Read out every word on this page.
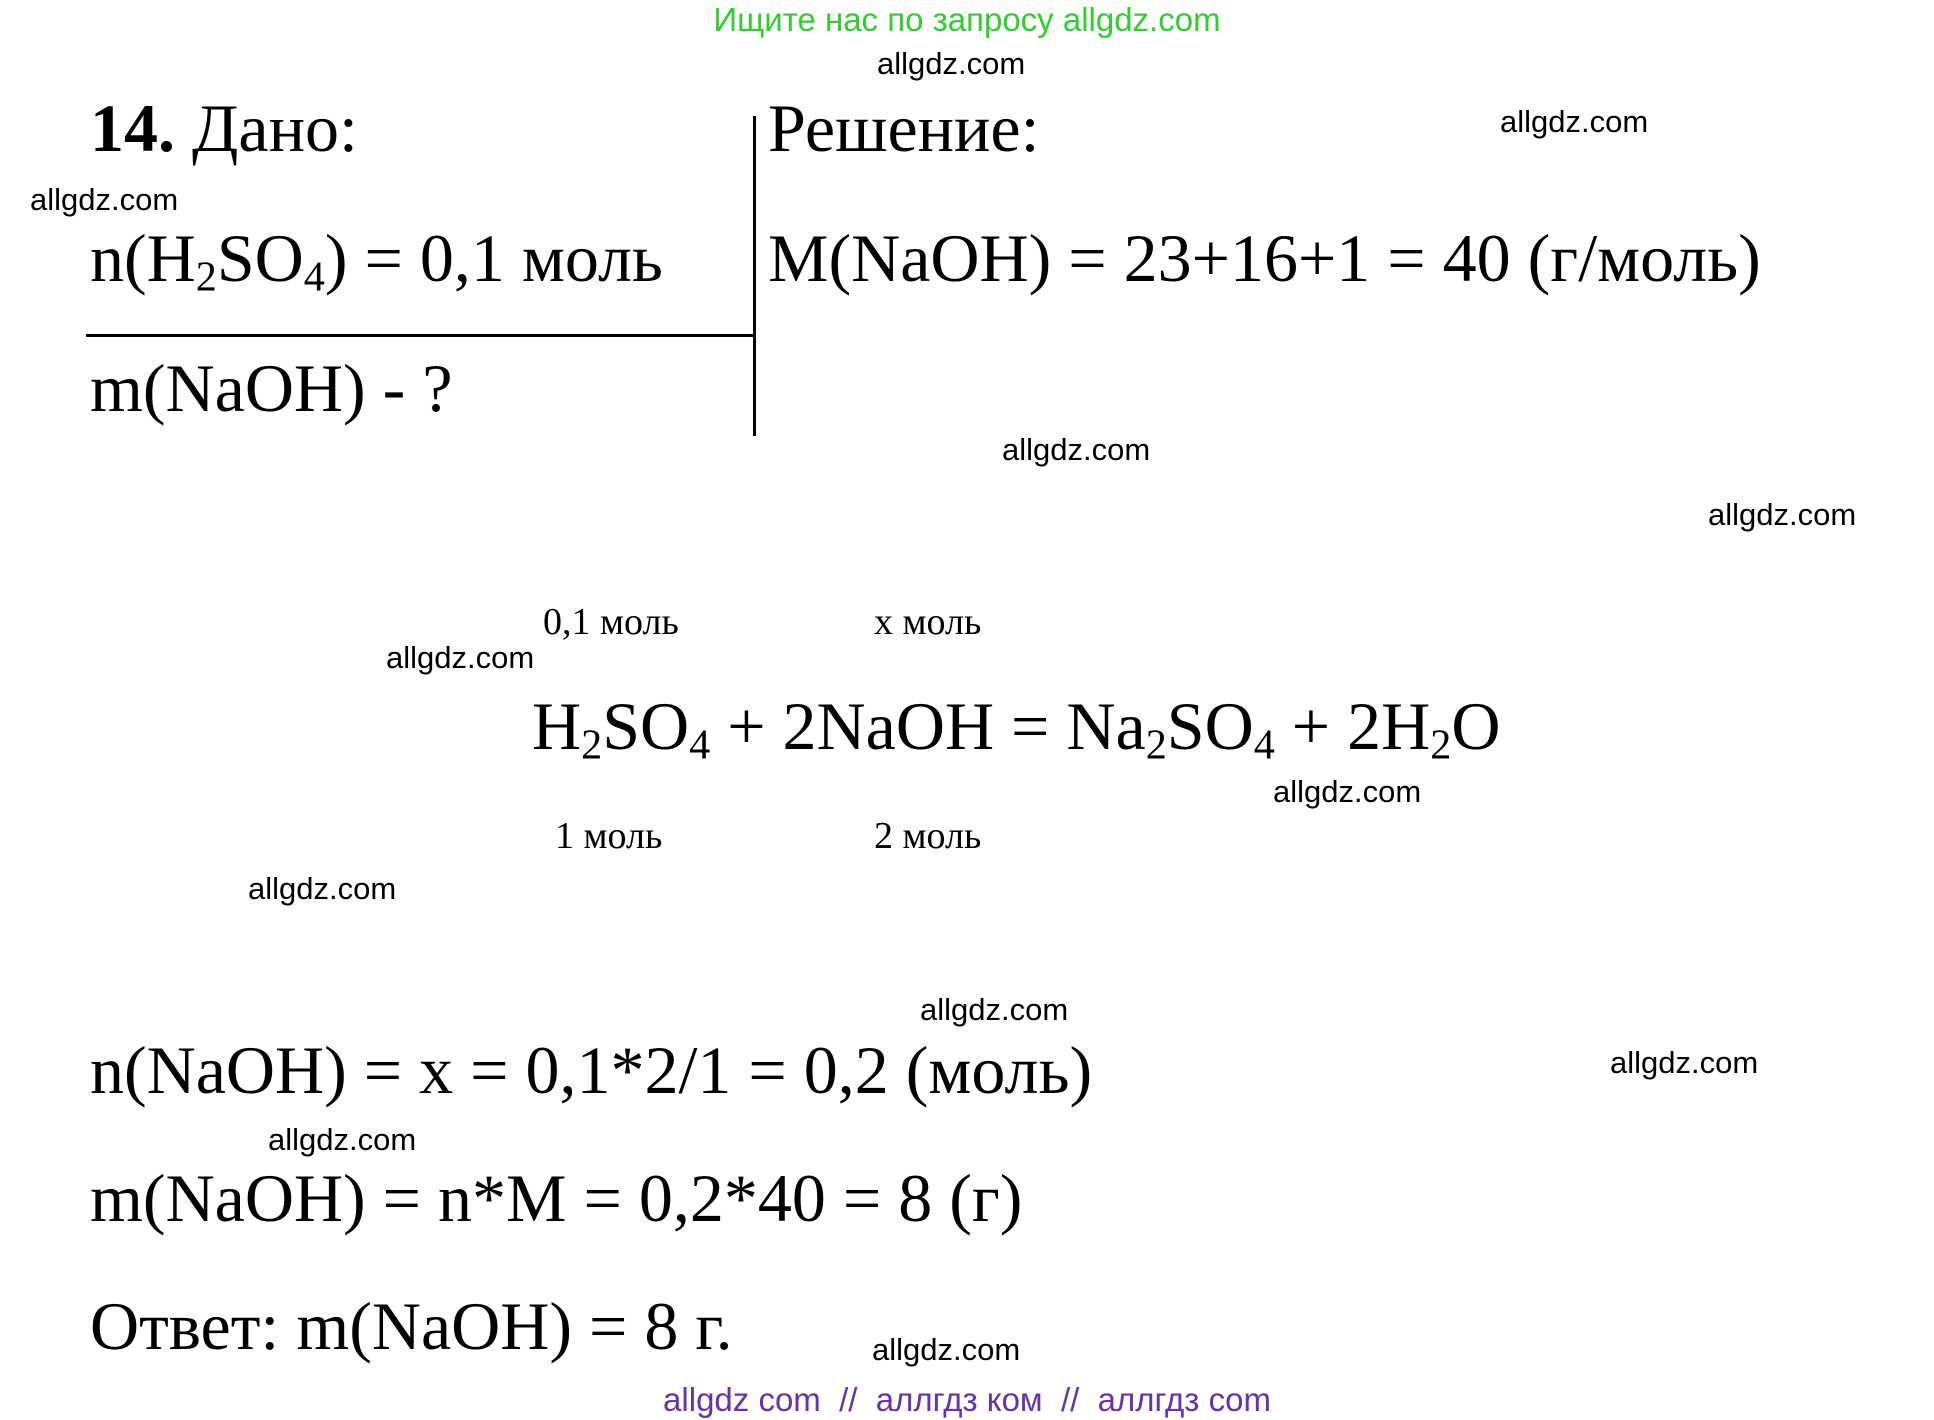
Ищите нас по запросу allgdz.com
allgdz.com
allgdz.com
allgdz.com
allgdz.com
allgdz.com
allgdz.com
allgdz.com
allgdz.com
allgdz.com
allgdz.com
allgdz.com
allgdz.com
14. Дано:	Решение:
$n(H_2SO_4) = 0,1$ моль M(NaOH) = 23+16+1 = 40 (г/моль)
m(NaOH) - ?
0,1 моль	х моль
$H_2SO_4$ + 2NaOH = $Na_2SO_4 + 2H_2O$
1 моль	2 моль
n(NaOH) = х = 0,1*2/1 = 0,2 (моль)
m(NaOH) = n*M = 0,2*40 = 8 (г)
Ответ: m(NaOH) = 8 г.
allgdz com  //  аллгдз ком  //  аллгдз com
